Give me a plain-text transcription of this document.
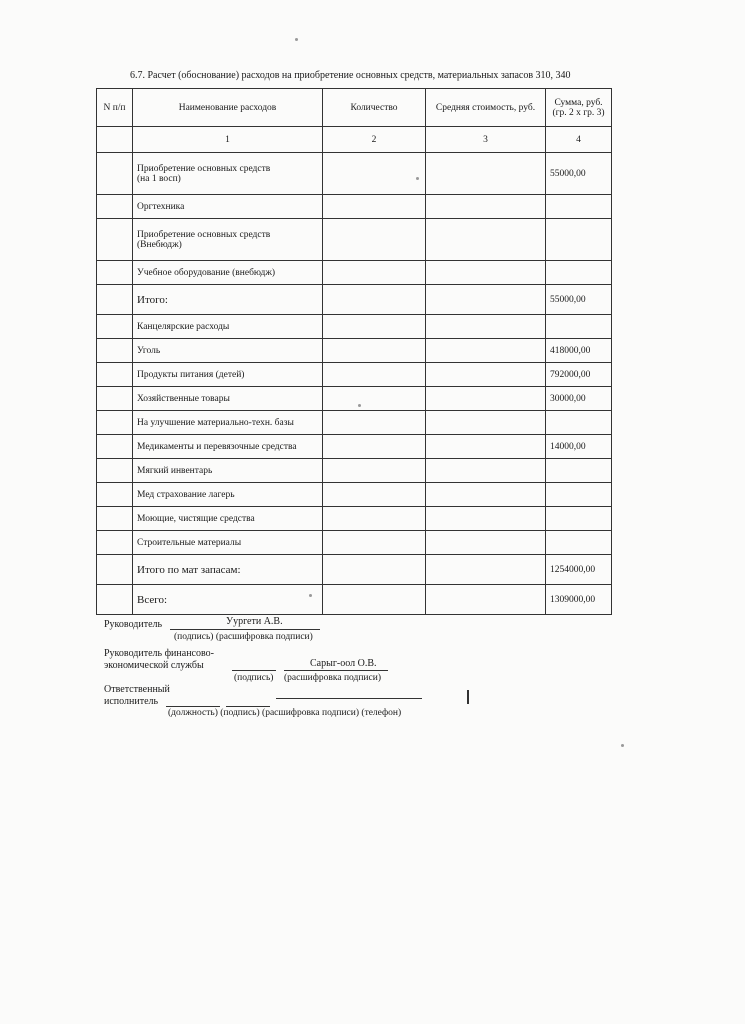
6.7. Расчет (обоснование) расходов на приобретение основных средств, материальных запасов 310, 340
N п/п	Наименование расходов	Количество	Средняя стоимость, руб.	Сумма, руб. (гр. 2 х гр. 3)
	1	2	3	4
	Приобретение основных средств
(на 1 восп)			55000,00
	Оргтехника			
	Приобретение основных средств
(Внебюдж)			
	Учебное оборудование (внебюдж)			
	Итого:			55000,00
	Канцелярские расходы			
	Уголь			418000,00
	Продукты питания (детей)			792000,00
	Хозяйственные товары			30000,00
	На улучшение материально-техн. базы			
	Медикаменты и перевязочные средства			14000,00
	Мягкий инвентарь			
	Мед страхование лагерь			
	Моющие, чистящие средства			
	Строительные материалы			
	Итого по мат запасам:			1254000,00
	Всего:			1309000,00
Руководитель	Уургети А.В.
(подпись) (расшифровка подписи)
Руководитель финансово-
экономической службы	Сарыг-оол О.В.
(подпись) (расшифровка подписи)
Ответственный
исполнитель
(должность) (подпись) (расшифровка подписи) (телефон)
